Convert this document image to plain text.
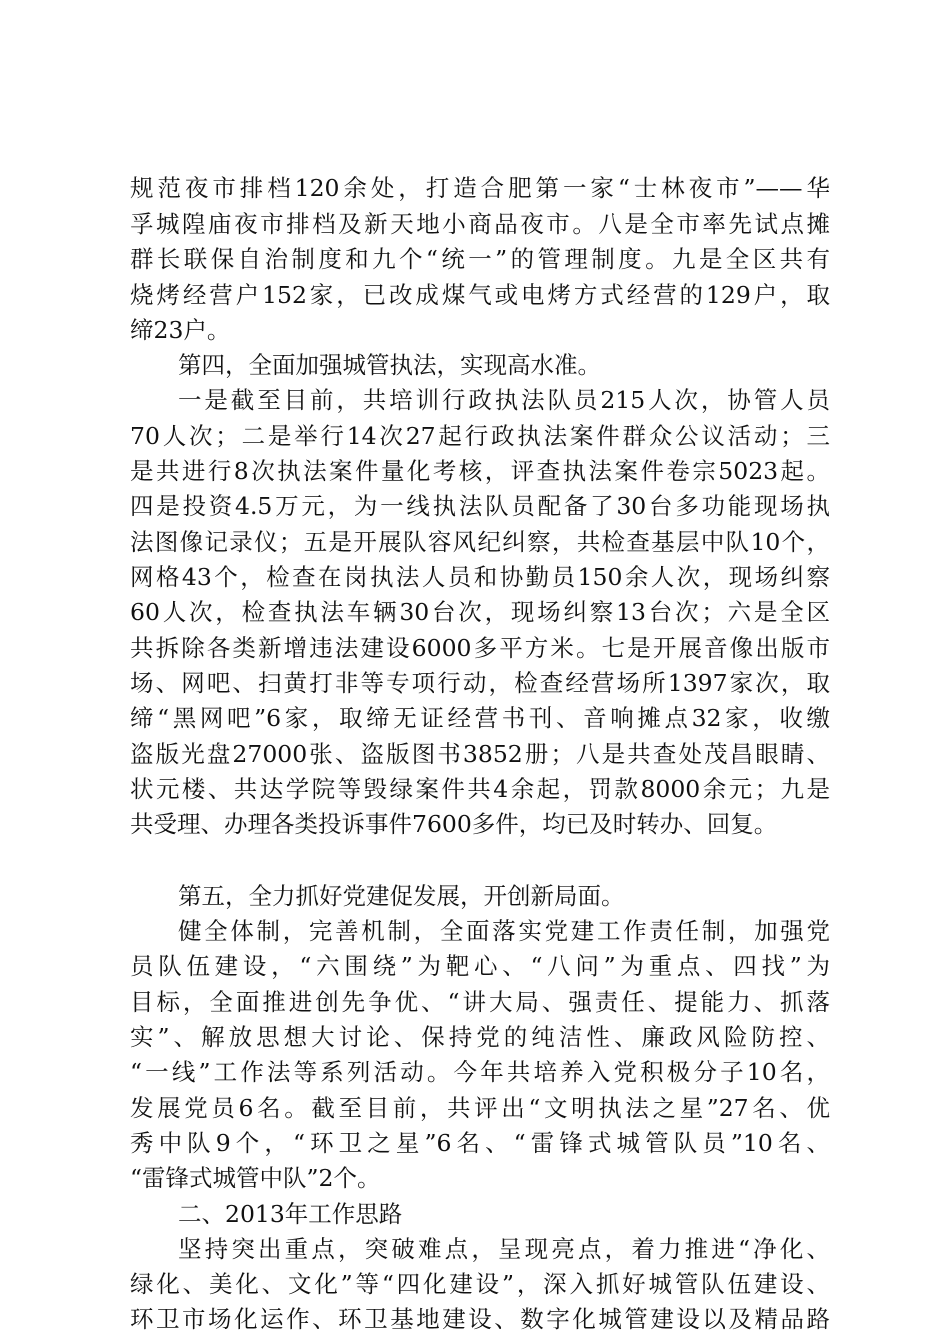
规范夜市排档120余处，打造合肥第一家“士林夜市”——华
孚城隍庙夜市排档及新天地小商品夜市。八是全市率先试点摊
群长联保自治制度和九个“统一”的管理制度。九是全区共有
烧烤经营户152家，已改成煤气或电烤方式经营的129户，取
缔23户。
第四，全面加强城管执法，实现高水准。
一是截至目前，共培训行政执法队员215人次，协管人员
70人次；二是举行14次27起行政执法案件群众公议活动；三
是共进行8次执法案件量化考核，评查执法案件卷宗5023起。
四是投资4.5万元，为一线执法队员配备了30台多功能现场执
法图像记录仪；五是开展队容风纪纠察，共检查基层中队10个，
网格43个，检查在岗执法人员和协勤员150余人次，现场纠察
60人次，检查执法车辆30台次，现场纠察13台次；六是全区
共拆除各类新增违法建设6000多平方米。七是开展音像出版市
场、网吧、扫黄打非等专项行动，检查经营场所1397家次，取
缔“黑网吧”6家，取缔无证经营书刊、音响摊点32家，收缴
盗版光盘27000张、盗版图书3852册；八是共查处茂昌眼睛、
状元楼、共达学院等毁绿案件共4余起，罚款8000余元；九是
共受理、办理各类投诉事件7600多件，均已及时转办、回复。
第五，全力抓好党建促发展，开创新局面。
健全体制，完善机制，全面落实党建工作责任制，加强党
员队伍建设，“六围绕”为靶心、“八问”为重点、四找”为
目标，全面推进创先争优、“讲大局、强责任、提能力、抓落
实”、解放思想大讨论、保持党的纯洁性、廉政风险防控、
“一线”工作法等系列活动。今年共培养入党积极分子10名，
发展党员6名。截至目前，共评出“文明执法之星”27名、优
秀中队9个，“环卫之星”6名、“雷锋式城管队员”10名、
“雷锋式城管中队”2个。
二、2013年工作思路
坚持突出重点，突破难点，呈现亮点，着力推进“净化、
绿化、美化、文化”等“四化建设”，深入抓好城管队伍建设、
环卫市场化运作、环卫基地建设、数字化城管建设以及精品路
